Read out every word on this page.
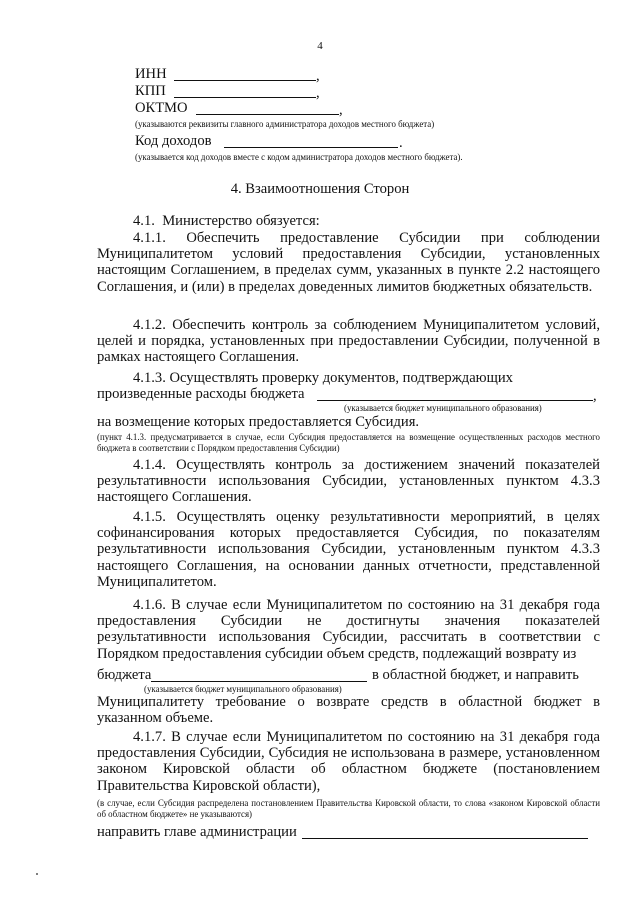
4
ИНН	,
КПП	,
ОКТМО	,
(указываются реквизиты главного администратора доходов местного бюджета)
Код доходов	.
(указывается код доходов вместе с кодом администратора доходов местного бюджета).
4. Взаимоотношения Сторон
4.1.  Министерство обязуется:
4.1.1. Обеспечить предоставление Субсидии при соблюдении Муниципалитетом условий предоставления Субсидии, установленных настоящим Соглашением, в пределах сумм, указанных в пункте 2.2 настоящего Соглашения, и (или) в пределах доведенных лимитов бюджетных обязательств.
4.1.2. Обеспечить контроль за соблюдением Муниципалитетом условий, целей и порядка, установленных при предоставлении Субсидии, полученной в рамках настоящего Соглашения.
4.1.3. Осуществлять проверку документов, подтверждающих
произведенные расходы бюджета	,
(указывается бюджет муниципального образования)
на возмещение которых предоставляется Субсидия.
(пункт 4.1.3. предусматривается в случае, если Субсидия предоставляется на возмещение осуществленных расходов местного бюджета в соответствии с Порядком предоставления Субсидии)
4.1.4. Осуществлять контроль за достижением значений показателей результативности использования Субсидии, установленных пунктом 4.3.3 настоящего Соглашения.
4.1.5. Осуществлять оценку результативности мероприятий, в целях софинансирования которых предоставляется Субсидия, по показателям результативности использования Субсидии, установленным пунктом 4.3.3 настоящего Соглашения, на основании данных отчетности, представленной Муниципалитетом.
4.1.6. В случае если Муниципалитетом по состоянию на 31 декабря года предоставления Субсидии не достигнуты значения показателей результативности использования Субсидии, рассчитать в соответствии с Порядком предоставления субсидии объем средств, подлежащий возврату из
бюджета	в областной бюджет, и направить
(указывается бюджет муниципального образования)
Муниципалитету требование о возврате средств в областной бюджет в указанном объеме.
4.1.7. В случае если Муниципалитетом по состоянию на 31 декабря года предоставления Субсидии, Субсидия не использована в размере, установленном законом Кировской области об областном бюджете (постановлением Правительства Кировской области),
(в случае, если Субсидия распределена постановлением Правительства Кировской области, то слова «законом Кировской области об областном бюджете» не указываются)
направить главе администрации
